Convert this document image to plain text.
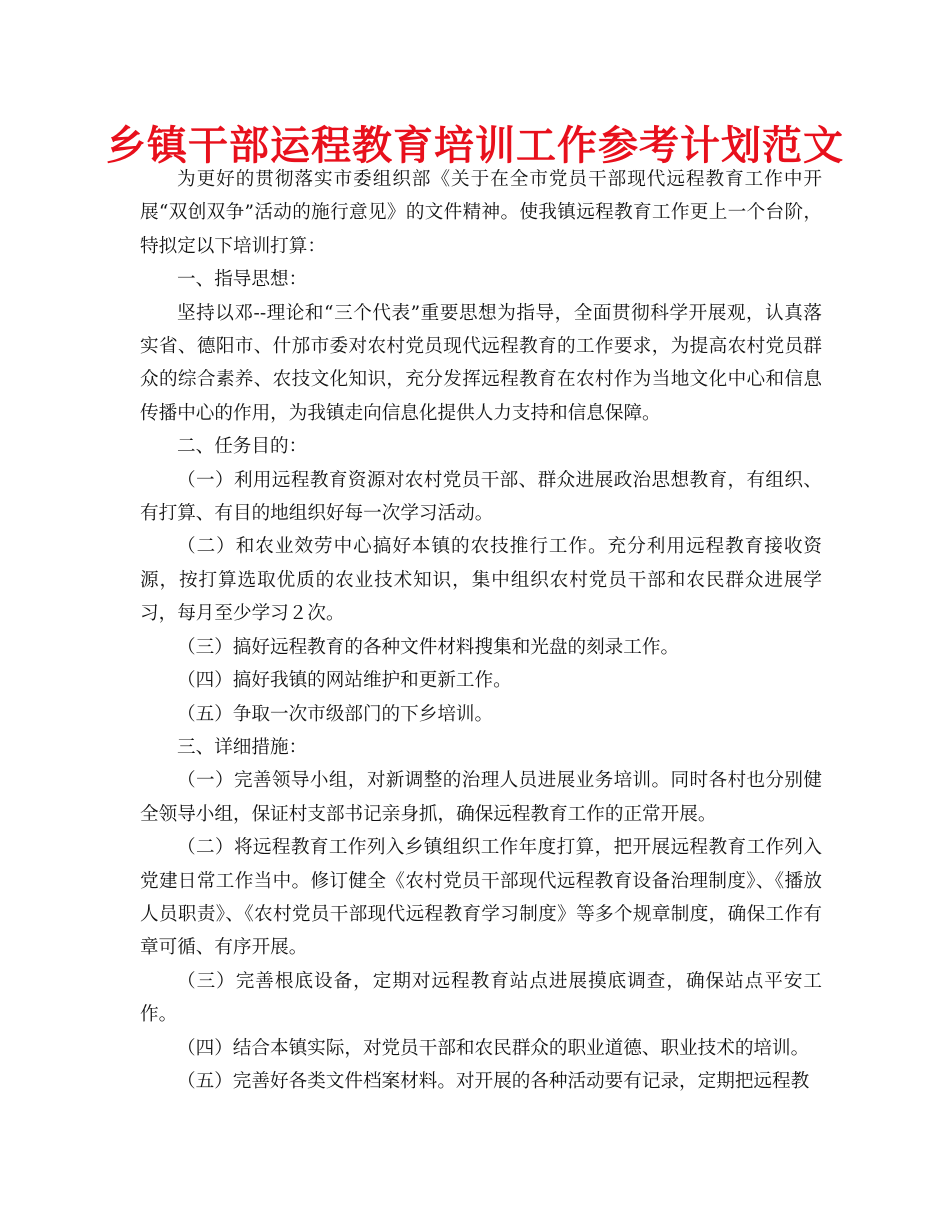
乡镇干部运程教育培训工作参考计划范文

为更好的贯彻落实市委组织部《关于在全市党员干部现代远程教育工作中开展“双创双争”活动的施行意见》的文件精神。使我镇远程教育工作更上一个台阶，特拟定以下培训打算：

一、指导思想：

坚持以邓--理论和“三个代表”重要思想为指导，全面贯彻科学开展观，认真落实省、德阳市、什邡市委对农村党员现代远程教育的工作要求，为提高农村党员群众的综合素养、农技文化知识，充分发挥远程教育在农村作为当地文化中心和信息传播中心的作用，为我镇走向信息化提供人力支持和信息保障。

二、任务目的：

（一）利用远程教育资源对农村党员干部、群众进展政治思想教育，有组织、有打算、有目的地组织好每一次学习活动。

（二）和农业效劳中心搞好本镇的农技推行工作。充分利用远程教育接收资源，按打算选取优质的农业技术知识，集中组织农村党员干部和农民群众进展学习，每月至少学习２次。

（三）搞好远程教育的各种文件材料搜集和光盘的刻录工作。

（四）搞好我镇的网站维护和更新工作。

（五）争取一次市级部门的下乡培训。

三、详细措施：

（一）完善领导小组，对新调整的治理人员进展业务培训。同时各村也分别健全领导小组，保证村支部书记亲身抓，确保远程教育工作的正常开展。

（二）将远程教育工作列入乡镇组织工作年度打算，把开展远程教育工作列入党建日常工作当中。修订健全《农村党员干部现代远程教育设备治理制度》、《播放人员职责》、《农村党员干部现代远程教育学习制度》等多个规章制度，确保工作有章可循、有序开展。

（三）完善根底设备，定期对远程教育站点进展摸底调查，确保站点平安工作。

（四）结合本镇实际，对党员干部和农民群众的职业道德、职业技术的培训。

（五）完善好各类文件档案材料。对开展的各种活动要有记录，定期把远程教
